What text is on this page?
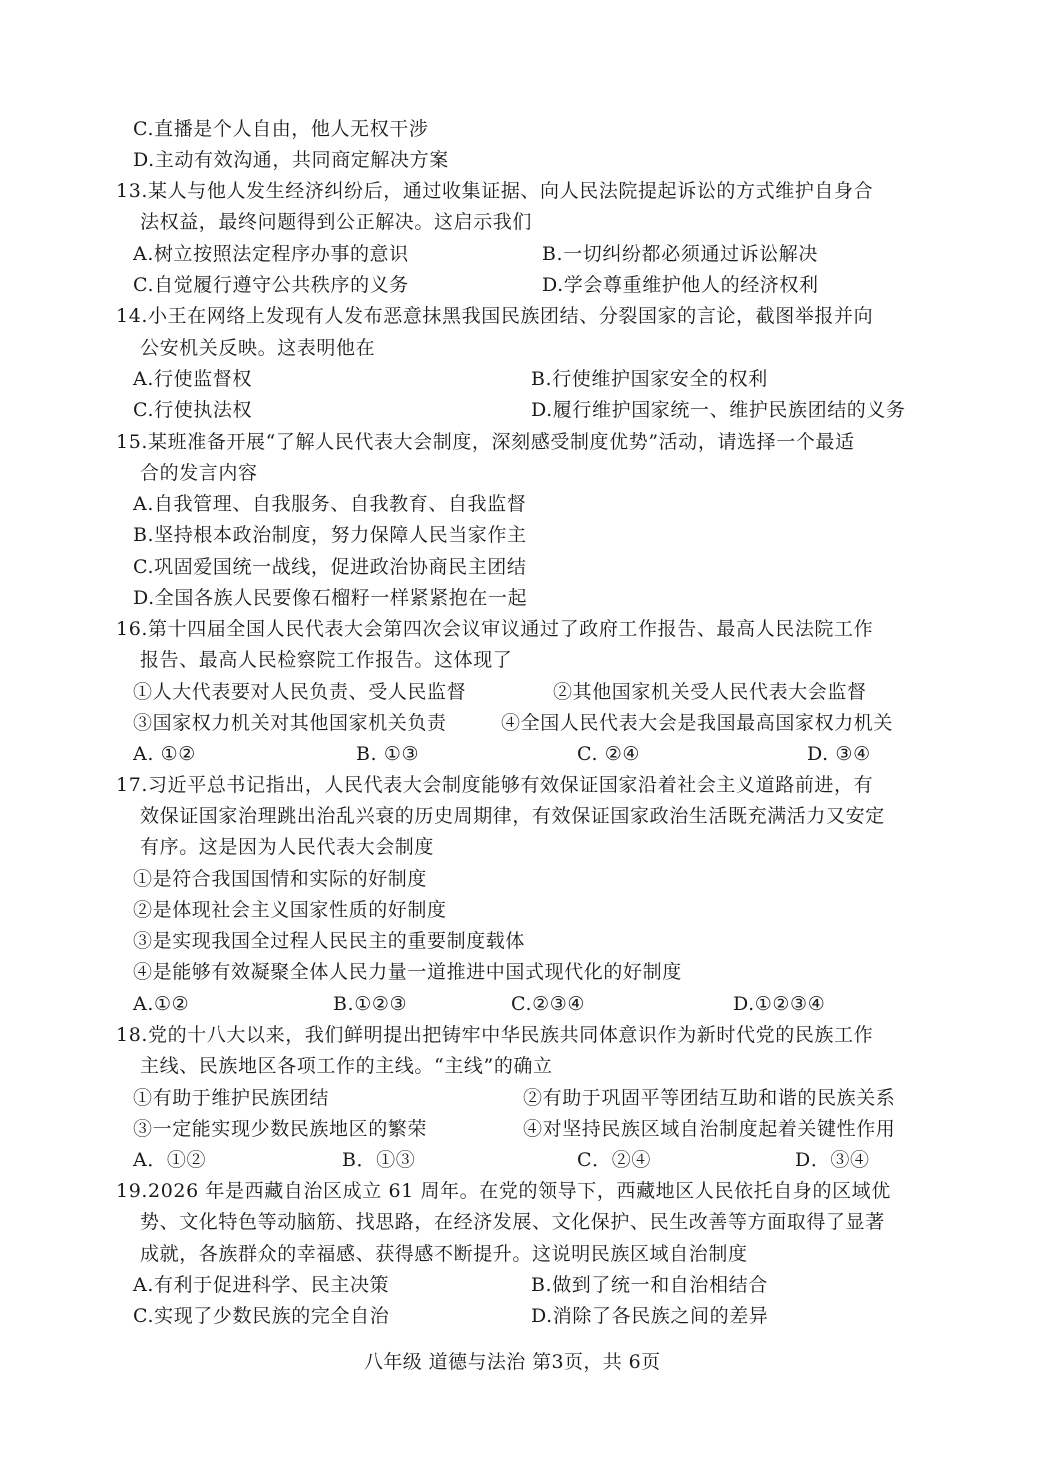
C.直播是个人自由，他人无权干涉
D.主动有效沟通，共同商定解决方案
13.某人与他人发生经济纠纷后，通过收集证据、向人民法院提起诉讼的方式维护自身合
法权益，最终问题得到公正解决。这启示我们
A.树立按照法定程序办事的意识	B.一切纠纷都必须通过诉讼解决
C.自觉履行遵守公共秩序的义务	D.学会尊重维护他人的经济权利
14.小王在网络上发现有人发布恶意抹黑我国民族团结、分裂国家的言论，截图举报并向
公安机关反映。这表明他在
A.行使监督权	B.行使维护国家安全的权利
C.行使执法权	D.履行维护国家统一、维护民族团结的义务
15.某班准备开展“了解人民代表大会制度，深刻感受制度优势”活动，请选择一个最适
合的发言内容
A.自我管理、自我服务、自我教育、自我监督
B.坚持根本政治制度，努力保障人民当家作主
C.巩固爱国统一战线，促进政治协商民主团结
D.全国各族人民要像石榴籽一样紧紧抱在一起
16.第十四届全国人民代表大会第四次会议审议通过了政府工作报告、最高人民法院工作
报告、最高人民检察院工作报告。这体现了
①人大代表要对人民负责、受人民监督	②其他国家机关受人民代表大会监督
③国家权力机关对其他国家机关负责	④全国人民代表大会是我国最高国家权力机关
A. ①②	B. ①③	C. ②④	D. ③④
17.习近平总书记指出，人民代表大会制度能够有效保证国家沿着社会主义道路前进，有
效保证国家治理跳出治乱兴衰的历史周期律，有效保证国家政治生活既充满活力又安定
有序。这是因为人民代表大会制度
①是符合我国国情和实际的好制度
②是体现社会主义国家性质的好制度
③是实现我国全过程人民民主的重要制度载体
④是能够有效凝聚全体人民力量一道推进中国式现代化的好制度
A.①②	B.①②③	C.②③④	D.①②③④
18.党的十八大以来，我们鲜明提出把铸牢中华民族共同体意识作为新时代党的民族工作
主线、民族地区各项工作的主线。“主线”的确立
①有助于维护民族团结	②有助于巩固平等团结互助和谐的民族关系
③一定能实现少数民族地区的繁荣	④对坚持民族区域自治制度起着关键性作用
A．①②	B．①③	C．②④	D．③④
19.2026 年是西藏自治区成立 61 周年。在党的领导下，西藏地区人民依托自身的区域优
势、文化特色等动脑筋、找思路，在经济发展、文化保护、民生改善等方面取得了显著
成就，各族群众的幸福感、获得感不断提升。这说明民族区域自治制度
A.有利于促进科学、民主决策	B.做到了统一和自治相结合
C.实现了少数民族的完全自治	D.消除了各民族之间的差异
八年级 道德与法治 第3页，共 6页
